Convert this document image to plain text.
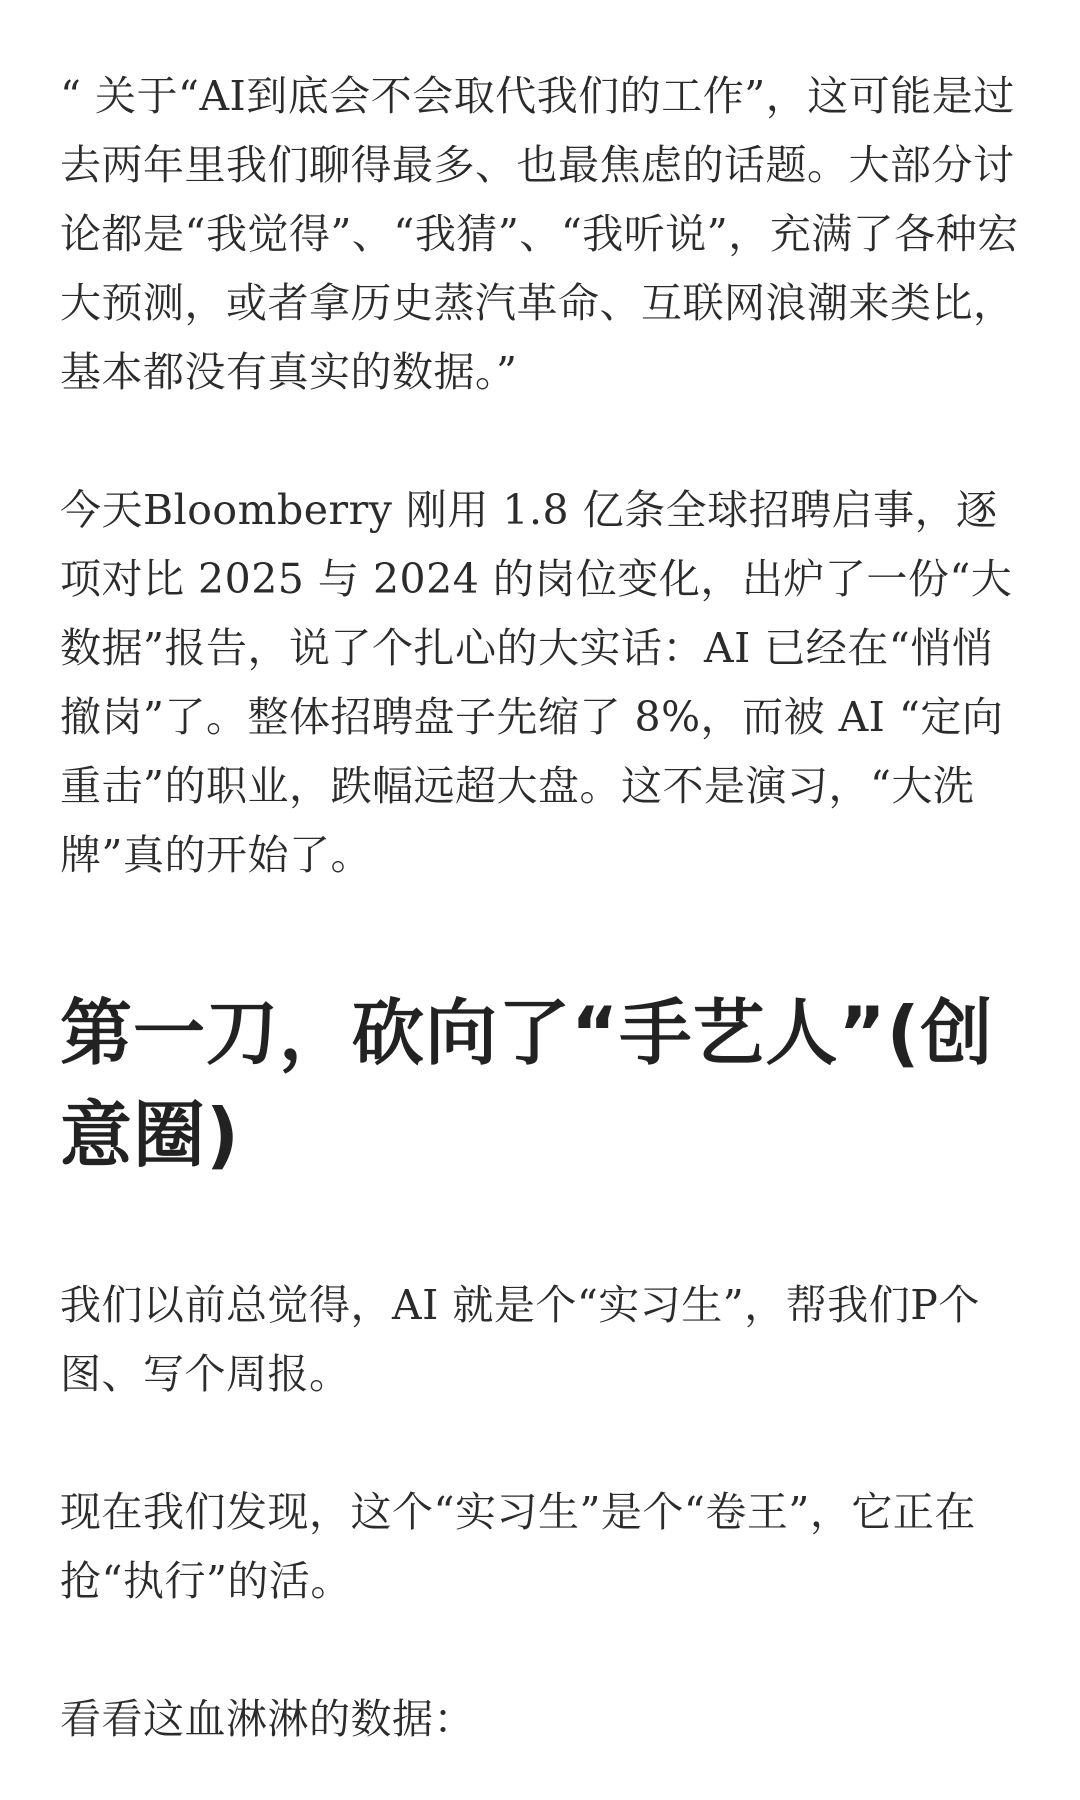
“ 关于“AI到底会不会取代我们的工作”，这可能是过去两年里我们聊得最多、也最焦虑的话题。大部分讨论都是“我觉得”、“我猜”、“我听说”，充满了各种宏大预测，或者拿历史蒸汽革命、互联网浪潮来类比，基本都没有真实的数据。”

今天Bloomberry 刚用 1.8 亿条全球招聘启事，逐项对比 2025 与 2024 的岗位变化，出炉了一份“大数据”报告，说了个扎心的大实话：AI 已经在“悄悄撤岗”了。整体招聘盘子先缩了 8%，而被 AI “定向重击”的职业，跌幅远超大盘。这不是演习，“大洗牌”真的开始了。

第一刀，砍向了“手艺人”(创意圈)

我们以前总觉得，AI 就是个“实习生”，帮我们P个图、写个周报。

现在我们发现，这个“实习生”是个“卷王”，它正在抢“执行”的活。

看看这血淋淋的数据：
